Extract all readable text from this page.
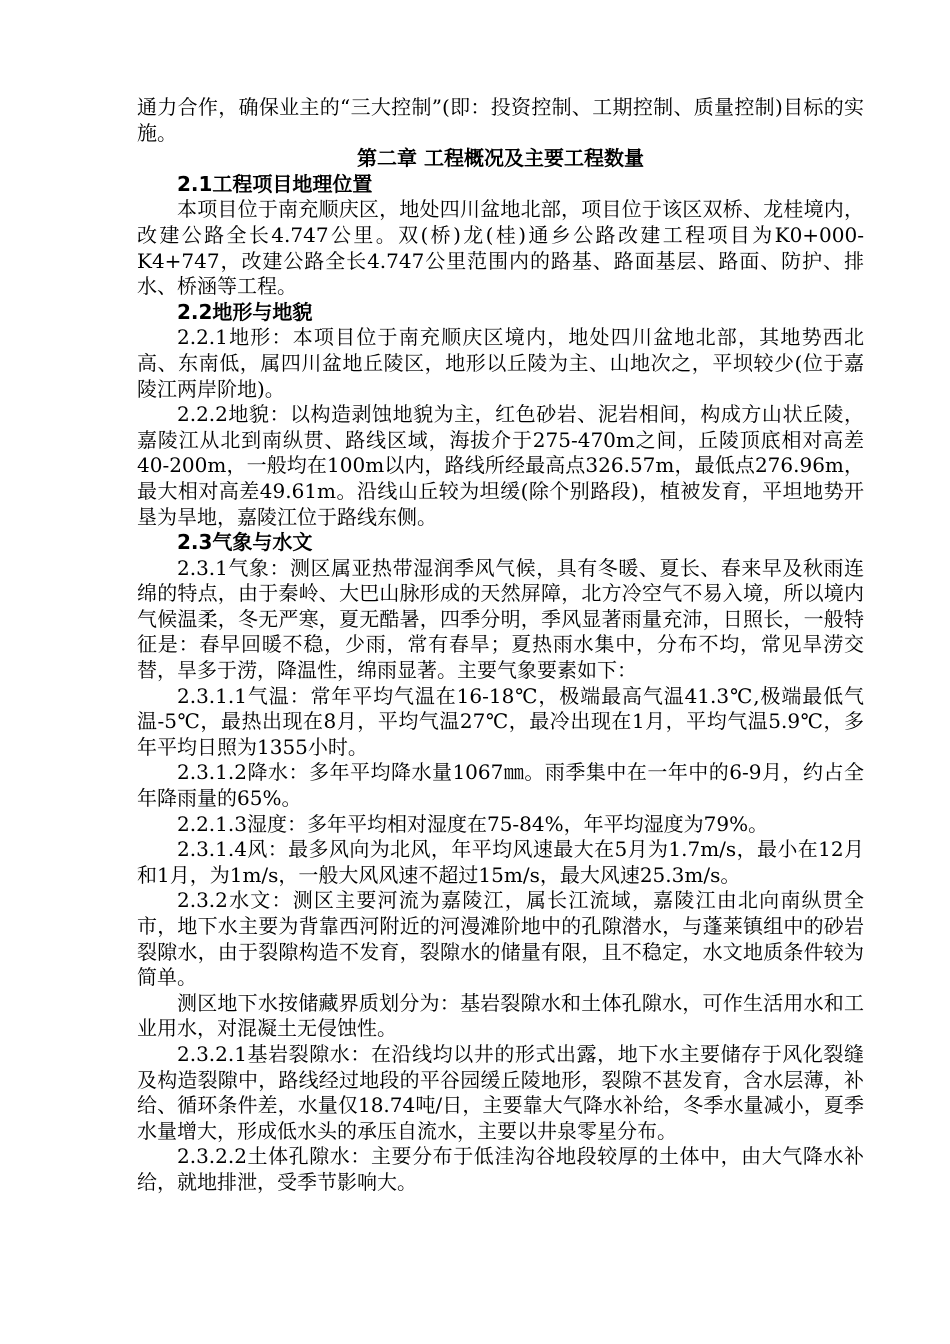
通力合作，确保业主的“三大控制”(即：投资控制、工期控制、质量控制)目标的实施。

第二章 工程概况及主要工程数量

2.1工程项目地理位置

本项目位于南充顺庆区，地处四川盆地北部，项目位于该区双桥、龙桂境内，改建公路全长4.747公里。双(桥)龙(桂)通乡公路改建工程项目为K0+000-K4+747，改建公路全长4.747公里范围内的路基、路面基层、路面、防护、排水、桥涵等工程。

2.2地形与地貌

2.2.1地形：本项目位于南充顺庆区境内，地处四川盆地北部，其地势西北高、东南低，属四川盆地丘陵区，地形以丘陵为主、山地次之，平坝较少(位于嘉陵江两岸阶地)。

2.2.2地貌：以构造剥蚀地貌为主，红色砂岩、泥岩相间，构成方山状丘陵，嘉陵江从北到南纵贯、路线区域，海拔介于275-470m之间，丘陵顶底相对高差40-200m，一般均在100m以内，路线所经最高点326.57m，最低点276.96m，最大相对高差49.61m。沿线山丘较为坦缓(除个别路段)，植被发育，平坦地势开垦为旱地，嘉陵江位于路线东侧。

2.3气象与水文

2.3.1气象：测区属亚热带湿润季风气候，具有冬暖、夏长、春来早及秋雨连绵的特点，由于秦岭、大巴山脉形成的天然屏障，北方冷空气不易入境，所以境内气候温柔，冬无严寒，夏无酷暑，四季分明，季风显著雨量充沛，日照长，一般特征是：春早回暖不稳，少雨，常有春旱；夏热雨水集中，分布不均，常见旱涝交替，旱多于涝，降温性，绵雨显著。主要气象要素如下：

2.3.1.1气温：常年平均气温在16-18℃，极端最高气温41.3℃,极端最低气温-5℃，最热出现在8月，平均气温27℃，最冷出现在1月，平均气温5.9℃，多年平均日照为1355小时。

2.3.1.2降水：多年平均降水量1067㎜。雨季集中在一年中的6-9月，约占全年降雨量的65%。

2.2.1.3湿度：多年平均相对湿度在75-84%，年平均湿度为79%。

2.3.1.4风：最多风向为北风，年平均风速最大在5月为1.7m/s，最小在12月和1月，为1m/s，一般大风风速不超过15m/s，最大风速25.3m/s。

2.3.2水文：测区主要河流为嘉陵江，属长江流域，嘉陵江由北向南纵贯全市，地下水主要为背靠西河附近的河漫滩阶地中的孔隙潜水，与蓬莱镇组中的砂岩裂隙水，由于裂隙构造不发育，裂隙水的储量有限，且不稳定，水文地质条件较为简单。

测区地下水按储藏界质划分为：基岩裂隙水和土体孔隙水，可作生活用水和工业用水，对混凝土无侵蚀性。

2.3.2.1基岩裂隙水：在沿线均以井的形式出露，地下水主要储存于风化裂缝及构造裂隙中，路线经过地段的平谷园缓丘陵地形，裂隙不甚发育，含水层薄，补给、循环条件差，水量仅18.74吨/日，主要靠大气降水补给，冬季水量减小，夏季水量增大，形成低水头的承压自流水，主要以井泉零星分布。

2.3.2.2土体孔隙水：主要分布于低洼沟谷地段较厚的土体中，由大气降水补给，就地排泄，受季节影响大。
